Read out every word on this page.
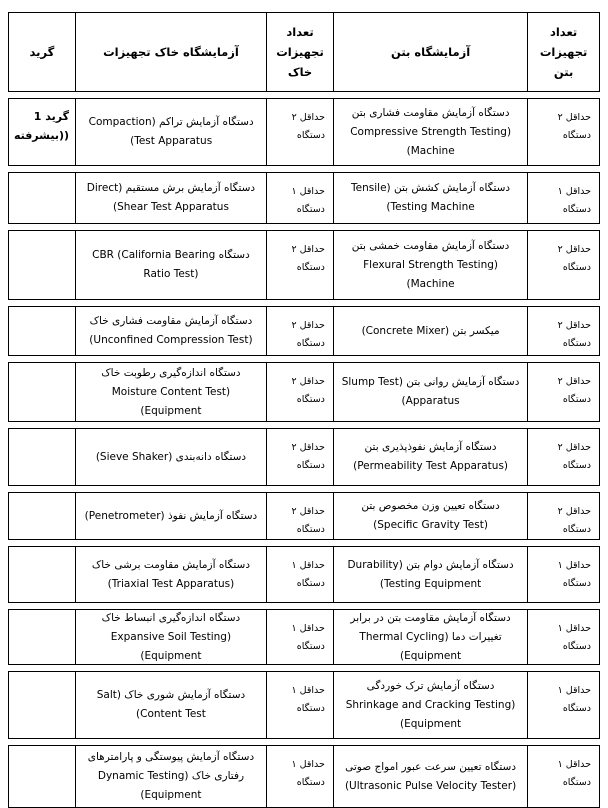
تعداد تجهیزات بتن
آزمایشگاه بتن
تعداد تجهیزات خاک
آزمایشگاه خاک تجهیزات
گرید
حداقل ۲ دستگاه
دستگاه آزمایش مقاومت فشاری بتن (Compressive Strength Testing Machine)
حداقل ۲ دستگاه
دستگاه آزمایش تراکم (Compaction Test Apparatus)
گرید 1 ((بیشرفته
حداقل ۱ دستگاه
دستگاه آزمایش کشش بتن (Tensile Testing Machine)
حداقل ۱ دستگاه
دستگاه آزمایش برش مستقیم (Direct Shear Test Apparatus)
حداقل ۲ دستگاه
دستگاه آزمایش مقاومت خمشی بتن (Flexural Strength Testing Machine)
حداقل ۲ دستگاه
دستگاه CBR (California Bearing Ratio Test)
حداقل ۲ دستگاه
میکسر بتن (Concrete Mixer)
حداقل ۲ دستگاه
دستگاه آزمایش مقاومت فشاری خاک (Unconfined Compression Test)
حداقل ۲ دستگاه
دستگاه آزمایش روانی بتن (Slump Test Apparatus)
حداقل ۲ دستگاه
دستگاه اندازه‌گیری رطوبت خاک (Moisture Content Test Equipment)
حداقل ۲ دستگاه
دستگاه آزمایش نفوذپذیری بتن (Permeability Test Apparatus)
حداقل ۲ دستگاه
دستگاه دانه‌بندی (Sieve Shaker)
حداقل ۲ دستگاه
دستگاه تعیین وزن مخصوص بتن (Specific Gravity Test)
حداقل ۲ دستگاه
دستگاه آزمایش نفوذ (Penetrometer)
حداقل ۱ دستگاه
دستگاه آزمایش دوام بتن (Durability Testing Equipment)
حداقل ۱ دستگاه
دستگاه آزمایش مقاومت برشی خاک (Triaxial Test Apparatus)
حداقل ۱ دستگاه
دستگاه آزمایش مقاومت بتن در برابر تغییرات دما (Thermal Cycling Equipment)
حداقل ۱ دستگاه
دستگاه اندازه‌گیری انبساط خاک (Expansive Soil Testing Equipment)
حداقل ۱ دستگاه
دستگاه آزمایش ترک خوردگی (Shrinkage and Cracking Testing Equipment)
حداقل ۱ دستگاه
دستگاه آزمایش شوری خاک (Salt Content Test)
حداقل ۱ دستگاه
دستگاه تعیین سرعت عبور امواج صوتی (Ultrasonic Pulse Velocity Tester)
حداقل ۱ دستگاه
دستگاه آزمایش پیوستگی و پارامترهای رفتاری خاک (Dynamic Testing Equipment)
